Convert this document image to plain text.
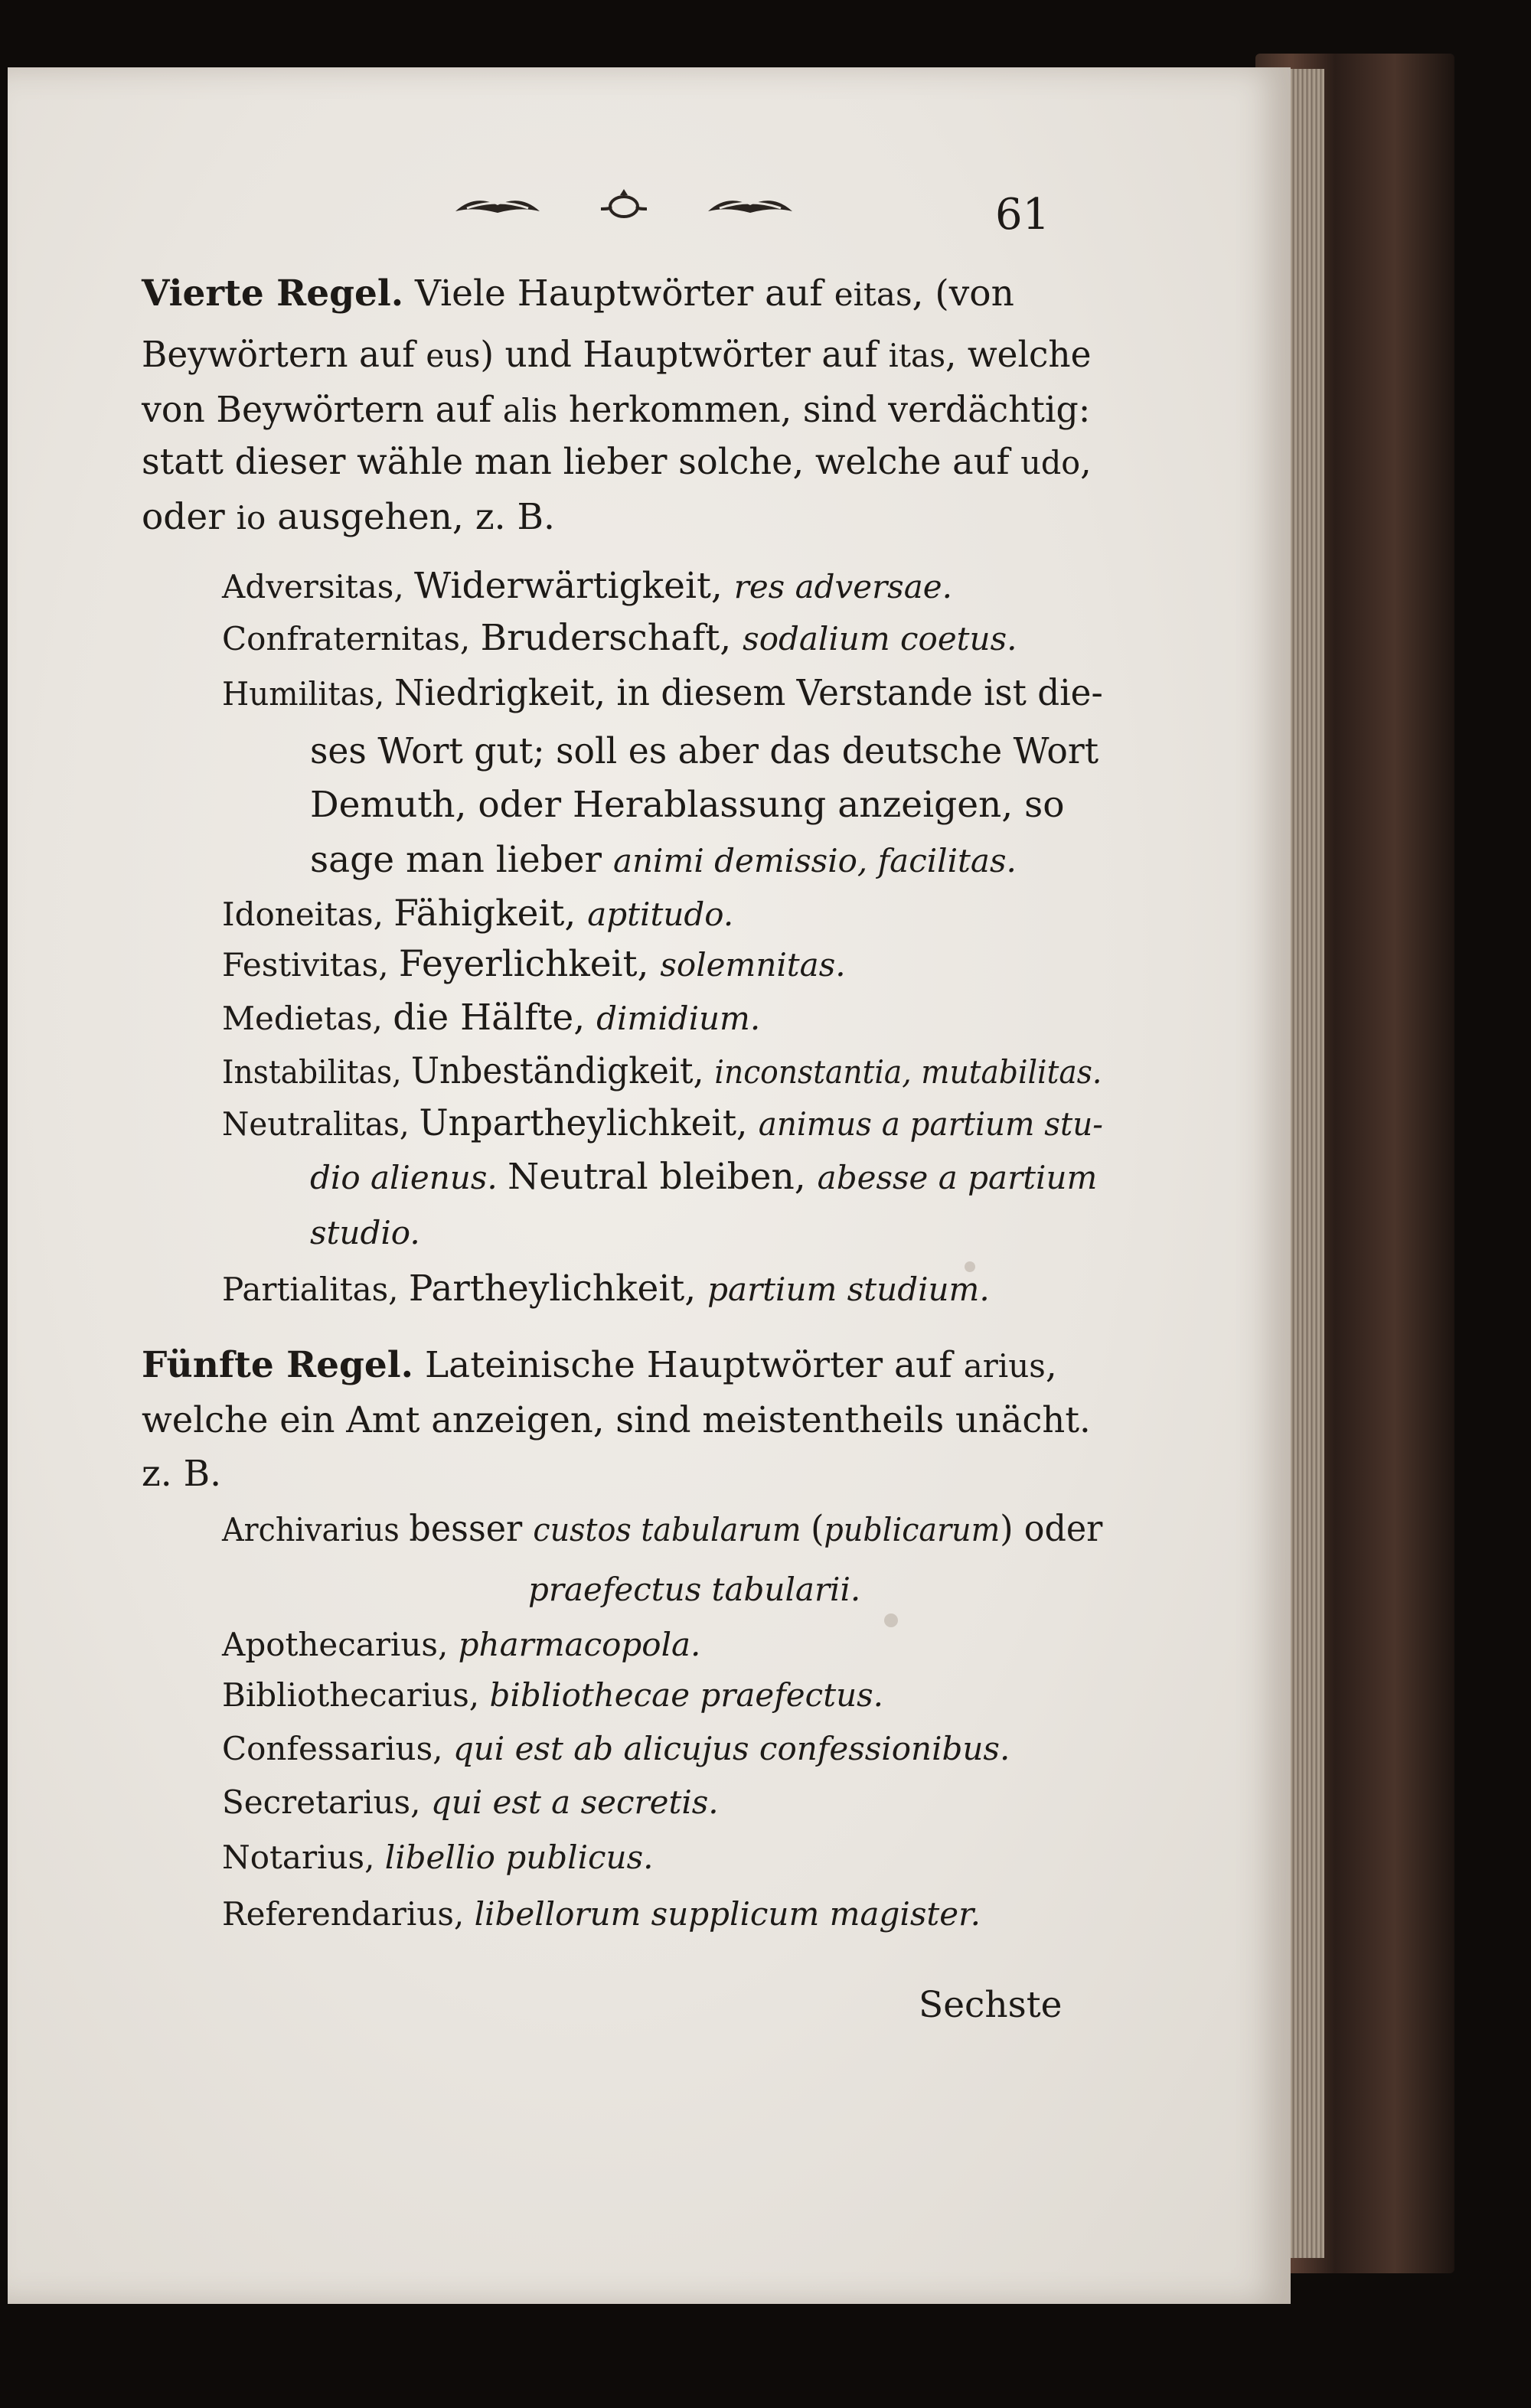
61
Vierte Regel. Viele Hauptwörter auf eitas, (von
Beywörtern auf eus) und Hauptwörter auf itas, welche
von Beywörtern auf alis herkommen, sind verdächtig:
statt dieser wähle man lieber solche, welche auf udo,
oder io ausgehen, z. B.
Adversitas, Widerwärtigkeit, res adversae.
Confraternitas, Bruderschaft, sodalium coetus.
Humilitas, Niedrigkeit, in diesem Verstande ist die-
ses Wort gut; soll es aber das deutsche Wort
Demuth, oder Herablassung anzeigen, so
sage man lieber animi demissio, facilitas.
Idoneitas, Fähigkeit, aptitudo.
Festivitas, Feyerlichkeit, solemnitas.
Medietas, die Hälfte, dimidium.
Instabilitas, Unbeständigkeit, inconstantia, mutabilitas.
Neutralitas, Unpartheylichkeit, animus a partium stu-
dio alienus. Neutral bleiben, abesse a partium
studio.
Partialitas, Partheylichkeit, partium studium.
Fünfte Regel. Lateinische Hauptwörter auf arius,
welche ein Amt anzeigen, sind meistentheils unächt.
z. B.
Archivarius besser custos tabularum (publicarum) oder
praefectus tabularii.
Apothecarius, pharmacopola.
Bibliothecarius, bibliothecae praefectus.
Confessarius, qui est ab alicujus confessionibus.
Secretarius, qui est a secretis.
Notarius, libellio publicus.
Referendarius, libellorum supplicum magister.
Sechste
